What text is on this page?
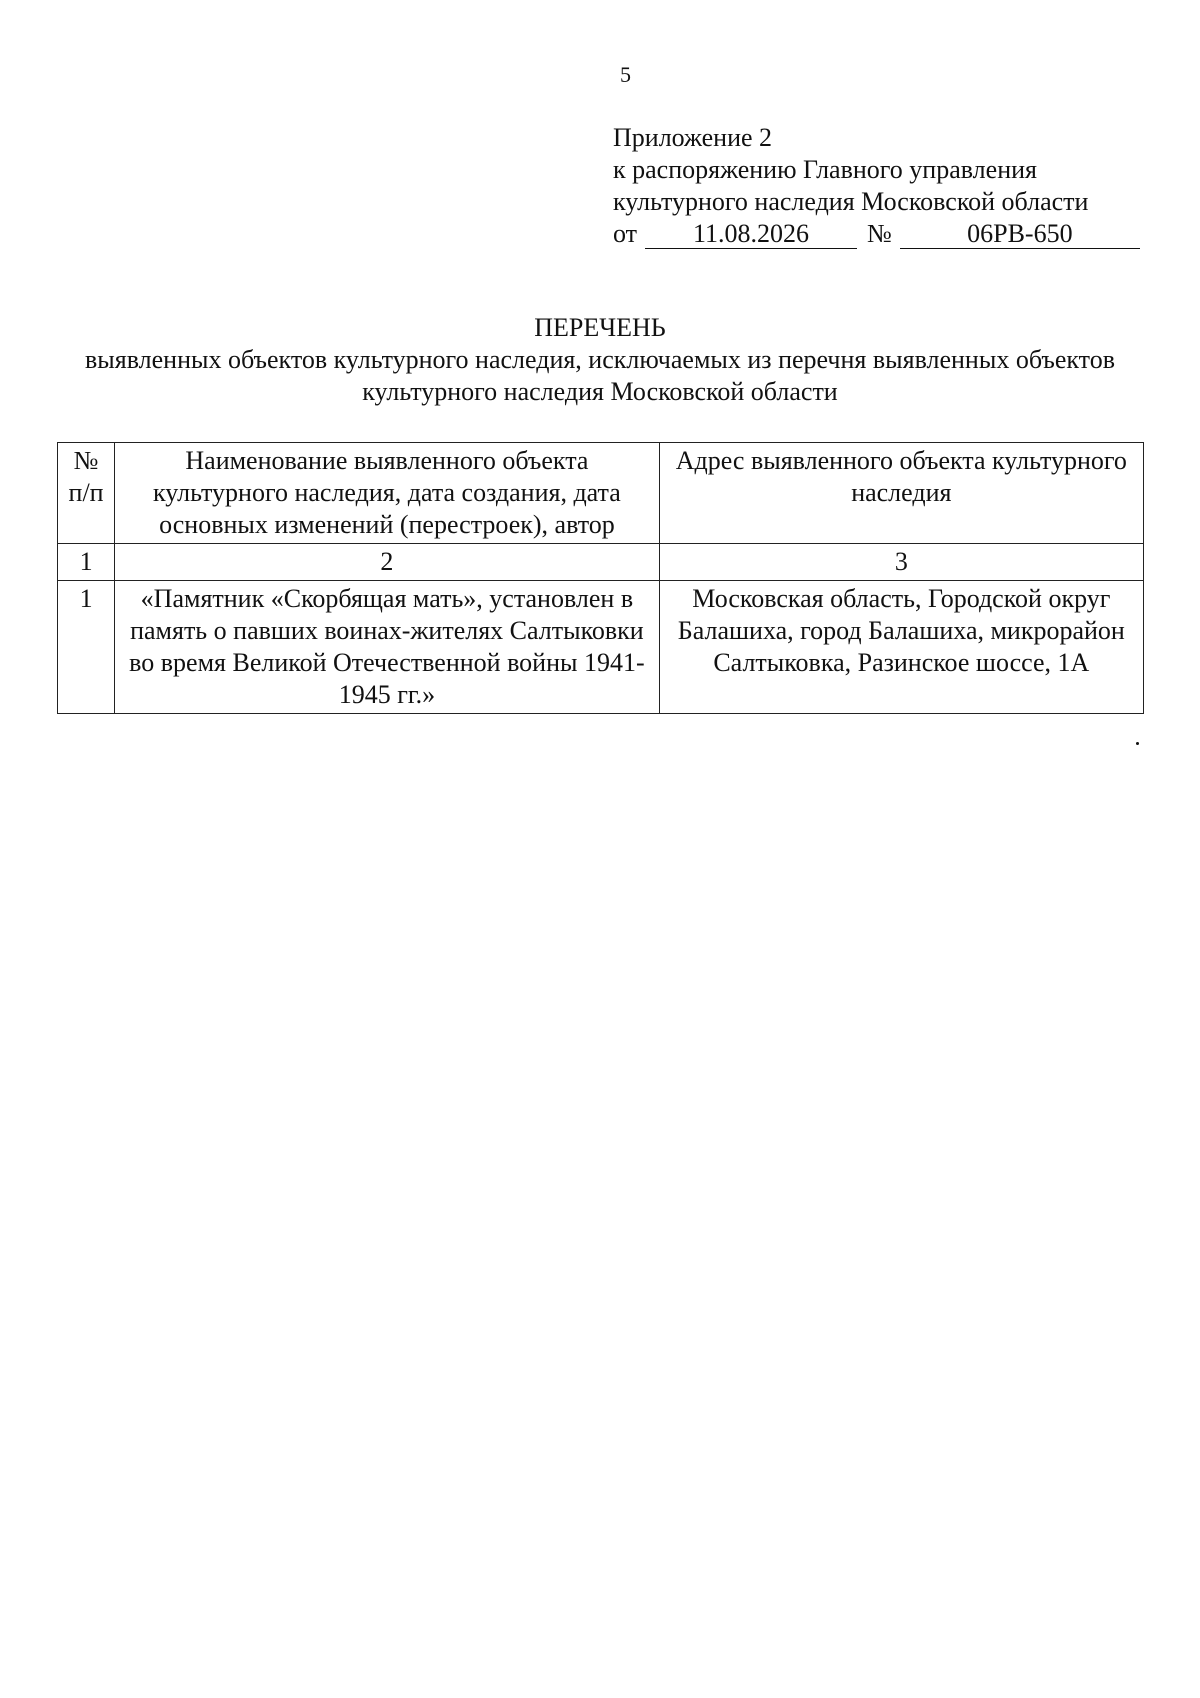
5
Приложение 2
к распоряжению Главного управления
культурного наследия Московской области
от	11.08.2026	№	06РВ-650
ПЕРЕЧЕНЬ
выявленных объектов культурного наследия, исключаемых из перечня выявленных объектов культурного наследия Московской области
№ п/п	Наименование выявленного объекта культурного наследия, дата создания, дата основных изменений (перестроек), автор	Адрес выявленного объекта культурного наследия
1	2	3
1	«Памятник «Скорбящая мать», установлен в память о павших воинах-жителях Салтыковки во время Великой Отечественной войны 1941-1945 гг.»	Московская область, Городской округ Балашиха, город Балашиха, микрорайон Салтыковка, Разинское шоссе, 1А
